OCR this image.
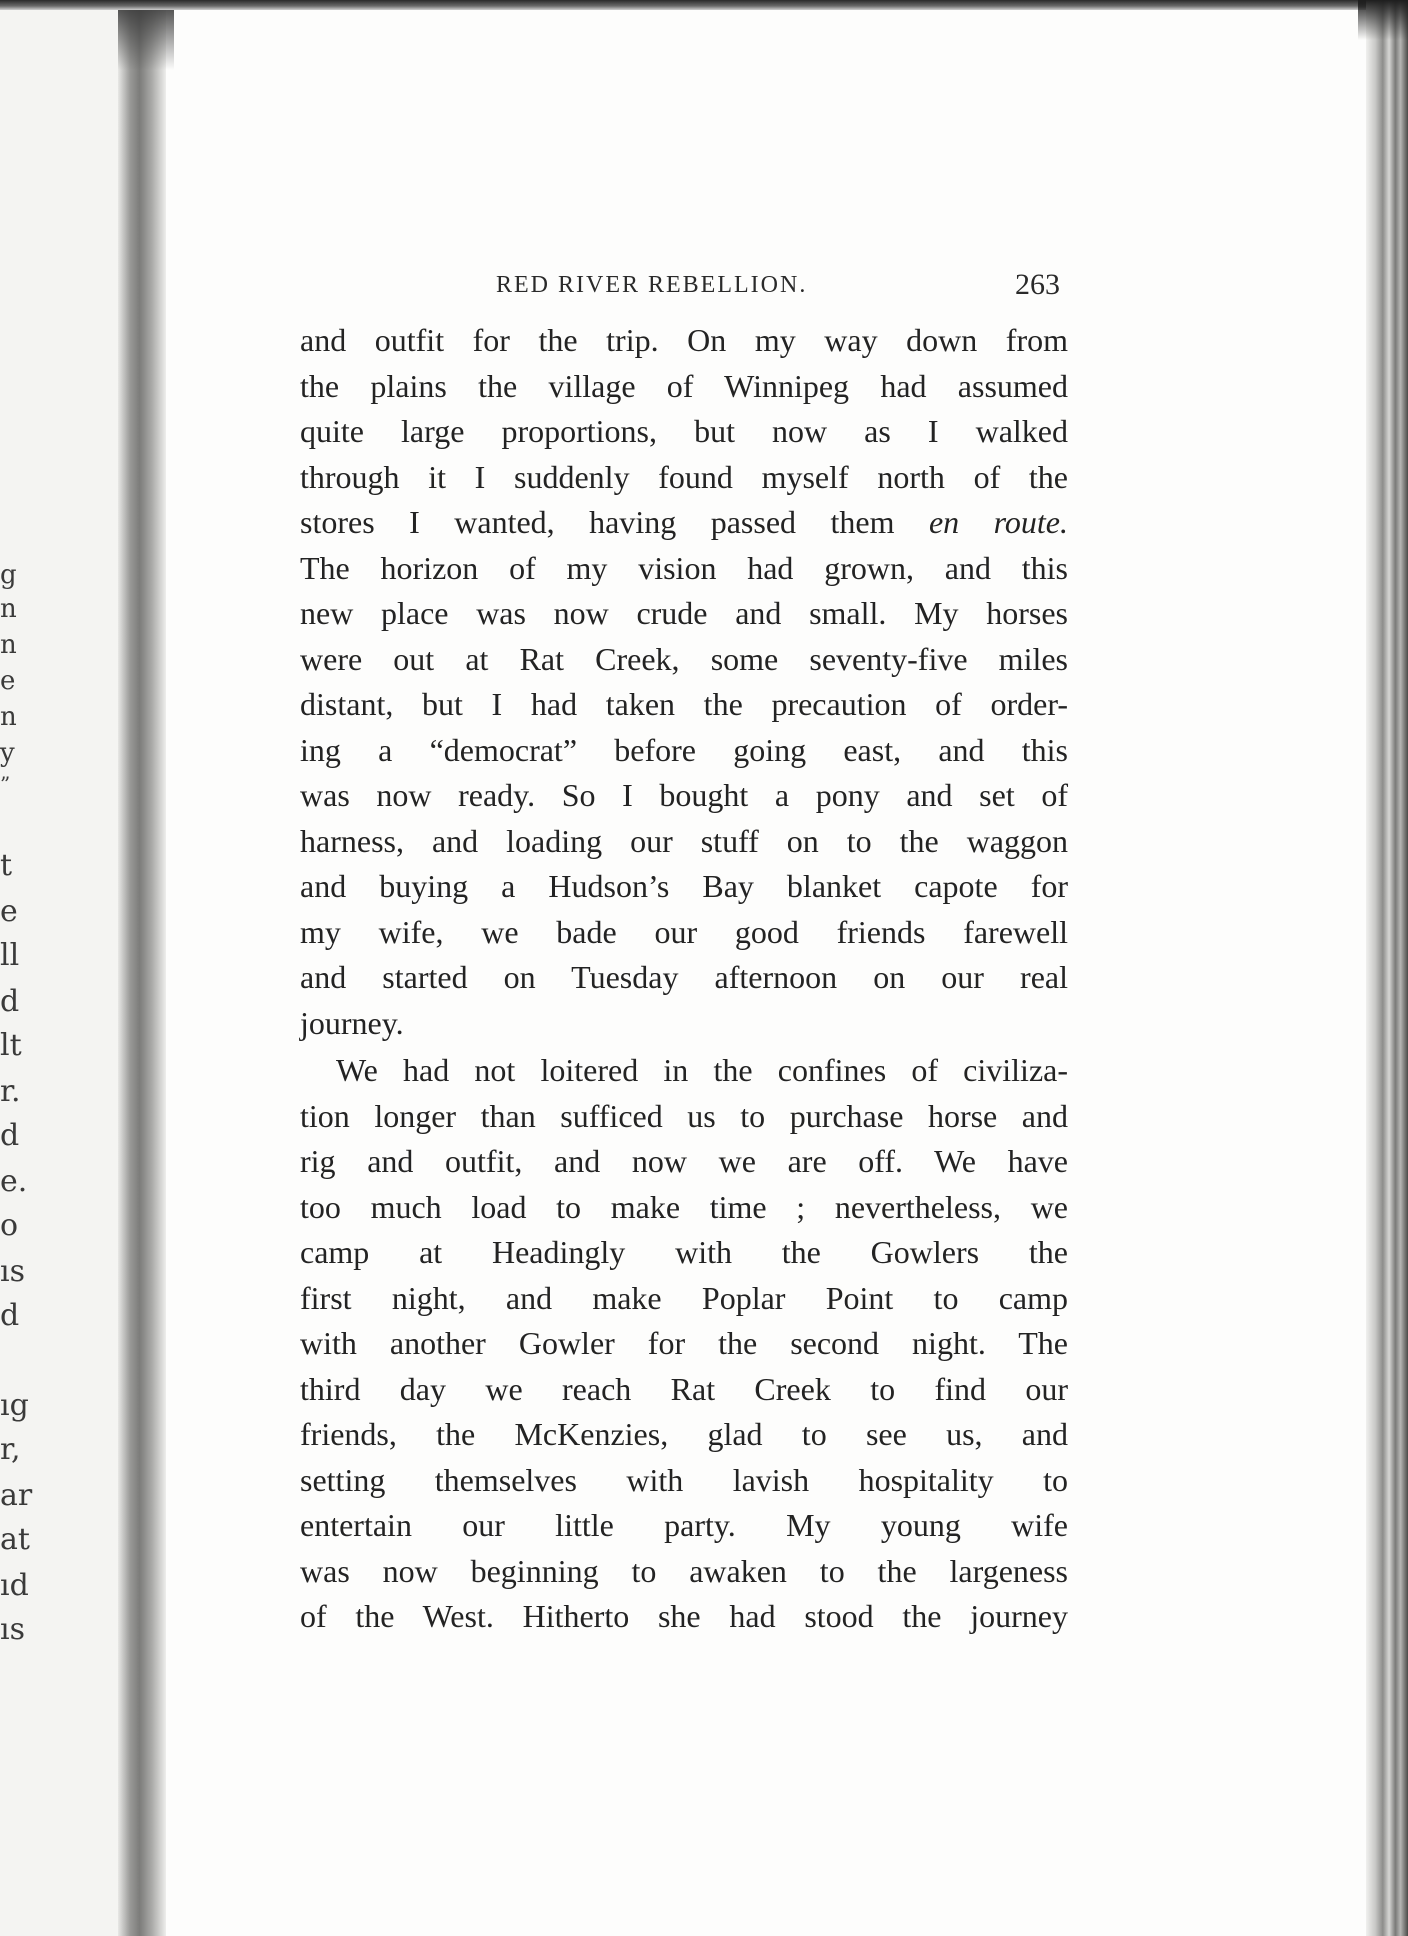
g
n
n
e
n
y
”
t
e
ll
d
lt
r.
d
e.
o
ıs
d
ıg
r,
ar
at
ıd
ıs
RED RIVER REBELLION.	263
and outfit for the trip. On my way down from
the plains the village of Winnipeg had assumed
quite large proportions, but now as I walked
through it I suddenly found myself north of the
stores I wanted, having passed them en route.
The horizon of my vision had grown, and this
new place was now crude and small. My horses
were out at Rat Creek, some seventy-five miles
distant, but I had taken the precaution of order-
ing a “democrat” before going east, and this
was now ready. So I bought a pony and set of
harness, and loading our stuff on to the waggon
and buying a Hudson’s Bay blanket capote for
my wife, we bade our good friends farewell
and started on Tuesday afternoon on our real
journey.
We had not loitered in the confines of civiliza-
tion longer than sufficed us to purchase horse and
rig and outfit, and now we are off. We have
too much load to make time ; nevertheless, we
camp at Headingly with the Gowlers the
first night, and make Poplar Point to camp
with another Gowler for the second night. The
third day we reach Rat Creek to find our
friends, the McKenzies, glad to see us, and
setting themselves with lavish hospitality to
entertain our little party. My young wife
was now beginning to awaken to the largeness
of the West. Hitherto she had stood the journey
